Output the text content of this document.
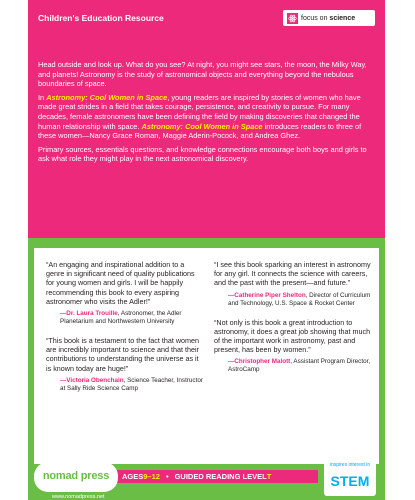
Children's Education Resource	focus on science

Head outside and look up. What do you see? At night, you might see stars, the moon, the Milky Way, and planets! Astronomy is the study of astronomical objects and everything beyond the nebulous boundaries of space.

In Astronomy: Cool Women in Space, young readers are inspired by stories of women who have made great strides in a field that takes courage, persistence, and creativity to pursue. For many decades, female astronomers have been defining the field by making discoveries that changed the human relationship with space. Astronomy: Cool Women in Space introduces readers to three of these women—Nancy Grace Roman, Maggie Aderin-Pocock, and Andrea Ghez.

Primary sources, essentials questions, and knowledge connections encourage both boys and girls to ask what role they might play in the next astronomical discovery.

“An engaging and inspirational addition to a genre in significant need of quality publications for young women and girls. I will be happily recommending this book to every aspiring astronomer who visits the Adler!”
—Dr. Laura Trouille, Astronomer, the Adler Planetarium and Northwestern University
“This book is a testament to the fact that women are incredibly important to science and that their contributions to understanding the universe as it is known today are huge!”
—Victoria Obenchain, Science Teacher, Instructor at Sally Ride Science Camp
“I see this book sparking an interest in astronomy for any girl. It connects the science with careers, and the past with the present—and future.”
—Catherine Piper Shelton, Director of Curriculum and Technology, U.S. Space & Rocket Center
“Not only is this book a great introduction to astronomy, it does a great job showing that much of the important work in astronomy, past and present, has been by women.”
—Christopher Malott, Assistant Program Director, AstroCamp
AGES9–12 • GUIDED READING LEVELT
nomad press
www.nomadpress.net
inspires interest in
STEM
